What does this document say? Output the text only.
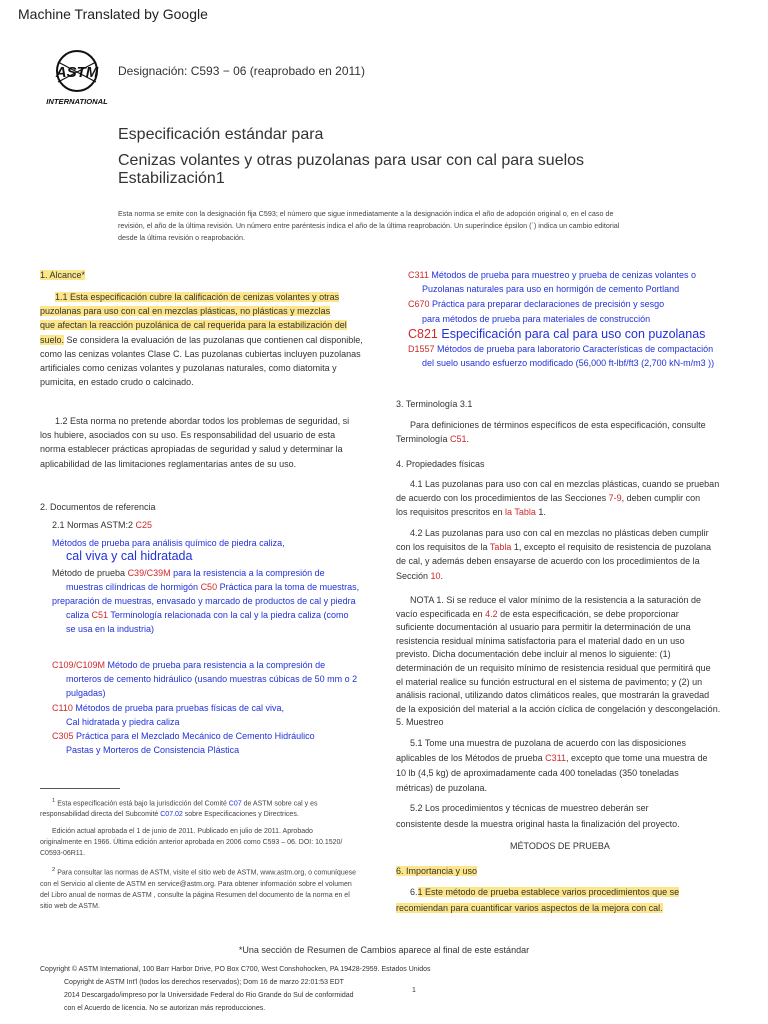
Machine Translated by Google
ASTM
INTERNATIONAL
Designación: C593 − 06 (reaprobado en 2011)
Especificación estándar para
Cenizas volantes y otras puzolanas para usar con cal para suelos
Estabilización1
Esta norma se emite con la designación fija C593; el número que sigue inmediatamente a la designación indica el año de adopción original o, en el caso de
revisión, el año de la última revisión. Un número entre paréntesis indica el año de la última reaprobación. Un superíndice épsilon (´) indica un cambio editorial
desde la última revisión o reaprobación.
1. Alcance*
1.1 Esta especificación cubre la calificación de cenizas volantes y otras
puzolanas para uso con cal en mezclas plásticas, no plásticas y mezclas
que afectan la reacción puzolánica de cal requerida para la estabilización del
suelo. Se considera la evaluación de las puzolanas que contienen cal disponible,
como las cenizas volantes Clase C. Las puzolanas cubiertas incluyen puzolanas
artificiales como cenizas volantes y puzolanas naturales, como diatomita y
pumicita, en estado crudo o calcinado.
1.2 Esta norma no pretende abordar todos los problemas de seguridad, si
los hubiere, asociados con su uso. Es responsabilidad del usuario de esta
norma establecer prácticas apropiadas de seguridad y salud y determinar la
aplicabilidad de las limitaciones reglamentarias antes de su uso.
2. Documentos de referencia
2.1 Normas ASTM:2 C25
Métodos de prueba para análisis químico de piedra caliza,
cal viva y cal hidratada
Método de prueba C39/C39M para la resistencia a la compresión de
muestras cilíndricas de hormigón C50 Práctica para la toma de muestras,
preparación de muestras, envasado y marcado de productos de cal y piedra
caliza C51 Terminología relacionada con la cal y la piedra caliza (como
se usa en la industria)
C109/C109M Método de prueba para resistencia a la compresión de
morteros de cemento hidráulico (usando muestras cúbicas de 50 mm o 2
pulgadas)
C110 Métodos de prueba para pruebas físicas de cal viva,
Cal hidratada y piedra caliza
C305 Práctica para el Mezclado Mecánico de Cemento Hidráulico
Pastas y Morteros de Consistencia Plástica
$^1$ Esta especificación está bajo la jurisdicción del Comité C07 de ASTM sobre cal y es
responsabilidad directa del Subcomité C07.02 sobre Especificaciones y Directrices.
Edición actual aprobada el 1 de junio de 2011. Publicado en julio de 2011. Aprobado
originalmente en 1966. Última edición anterior aprobada en 2006 como C593 – 06. DOI: 10.1520/
C0593-06R11.
$^2$ Para consultar las normas de ASTM, visite el sitio web de ASTM, www.astm.org, o comuníquese
con el Servicio al cliente de ASTM en service@astm.org. Para obtener información sobre el volumen
del Libro anual de normas de ASTM , consulte la página Resumen del documento de la norma en el
sitio web de ASTM.
C311 Métodos de prueba para muestreo y prueba de cenizas volantes o
Puzolanas naturales para uso en hormigón de cemento Portland
C670 Práctica para preparar declaraciones de precisión y sesgo
para métodos de prueba para materiales de construcción
C821 Especificación para cal para uso con puzolanas
D1557 Métodos de prueba para laboratorio Características de compactación
del suelo usando esfuerzo modificado (56,000 ft-lbf/ft3 (2,700 kN-m/m3 ))
3. Terminología 3.1
Para definiciones de términos específicos de esta especificación, consulte
Terminología C51.
4. Propiedades físicas
4.1 Las puzolanas para uso con cal en mezclas plásticas, cuando se prueban
de acuerdo con los procedimientos de las Secciones 7-9, deben cumplir con
los requisitos prescritos en la Tabla 1.
4.2 Las puzolanas para uso con cal en mezclas no plásticas deben cumplir
con los requisitos de la Tabla 1, excepto el requisito de resistencia de puzolana
de cal, y además deben ensayarse de acuerdo con los procedimientos de la
Sección 10.
NOTA 1. Si se reduce el valor mínimo de la resistencia a la saturación de
vacío especificada en 4.2 de esta especificación, se debe proporcionar
suficiente documentación al usuario para permitir la determinación de una
resistencia residual mínima satisfactoria para el material dado en un uso
previsto. Dicha documentación debe incluir al menos lo siguiente: (1)
determinación de un requisito mínimo de resistencia residual que permitirá que
el material realice su función estructural en el sistema de pavimento; y (2) un
análisis racional, utilizando datos climáticos reales, que mostrarán la gravedad
de la exposición del material a la acción cíclica de congelación y descongelación.
5. Muestreo
5.1 Tome una muestra de puzolana de acuerdo con las disposiciones
aplicables de los Métodos de prueba C311, excepto que tome una muestra de
10 lb (4,5 kg) de aproximadamente cada 400 toneladas (350 toneladas
métricas) de puzolana.
5.2 Los procedimientos y técnicas de muestreo deberán ser
consistente desde la muestra original hasta la finalización del proyecto.
MÉTODOS DE PRUEBA
6. Importancia y uso
6.1 Este método de prueba establece varios procedimientos que se
recomiendan para cuantificar varios aspectos de la mejora con cal.
*Una sección de Resumen de Cambios aparece al final de este estándar
Copyright © ASTM International, 100 Barr Harbor Drive, PO Box C700, West Conshohocken, PA 19428-2959. Estados Unidos
Copyright de ASTM Int'l (todos los derechos reservados); Dom 16 de marzo 22:01:53 EDT
2014 Descargado/impreso por la Universidade Federal do Rio Grande do Sul de conformidad
con el Acuerdo de licencia. No se autorizan más reproducciones.
1
